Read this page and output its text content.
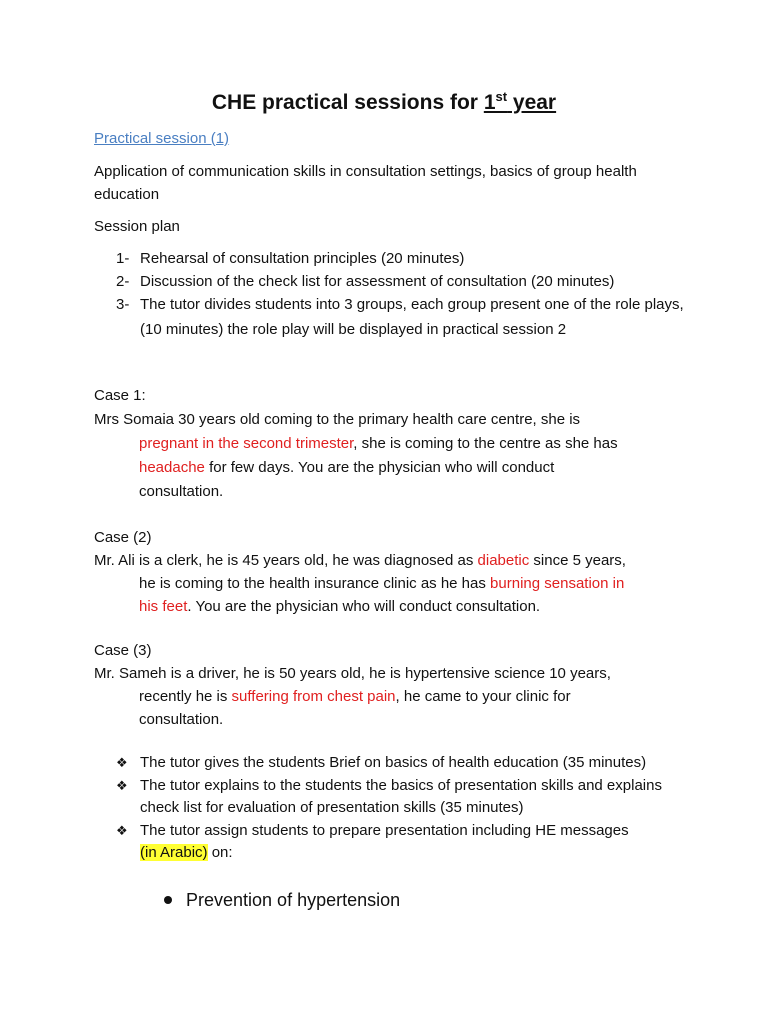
CHE practical sessions for 1st year
Practical session (1)
Application of communication skills in consultation settings, basics of group health education
Session plan
1- Rehearsal of consultation principles (20 minutes)
2- Discussion of the check list for assessment of consultation (20 minutes)
3- The tutor divides students into 3 groups, each group present one of the role plays, (10 minutes) the role play will be displayed in practical session 2
Case 1:
Mrs Somaia 30 years old coming to the primary health care centre, she is
pregnant in the second trimester, she is coming to the centre as she has
headache for few days. You are the physician who will conduct
consultation.
Case (2)
Mr. Ali is a clerk, he is 45 years old, he was diagnosed as diabetic since 5 years,
he is coming to the health insurance clinic as he has burning sensation in
his feet. You are the physician who will conduct consultation.
Case (3)
Mr. Sameh is a driver, he is 50 years old, he is hypertensive science 10 years,
recently he is suffering from chest pain, he came to your clinic for
consultation.
❖ The tutor gives the students Brief on basics of health education (35 minutes)
❖ The tutor explains to the students the basics of presentation skills and explains check list for evaluation of presentation skills (35 minutes)
❖ The tutor assign students to prepare presentation including HE messages
(in Arabic) on:
Prevention of hypertension
